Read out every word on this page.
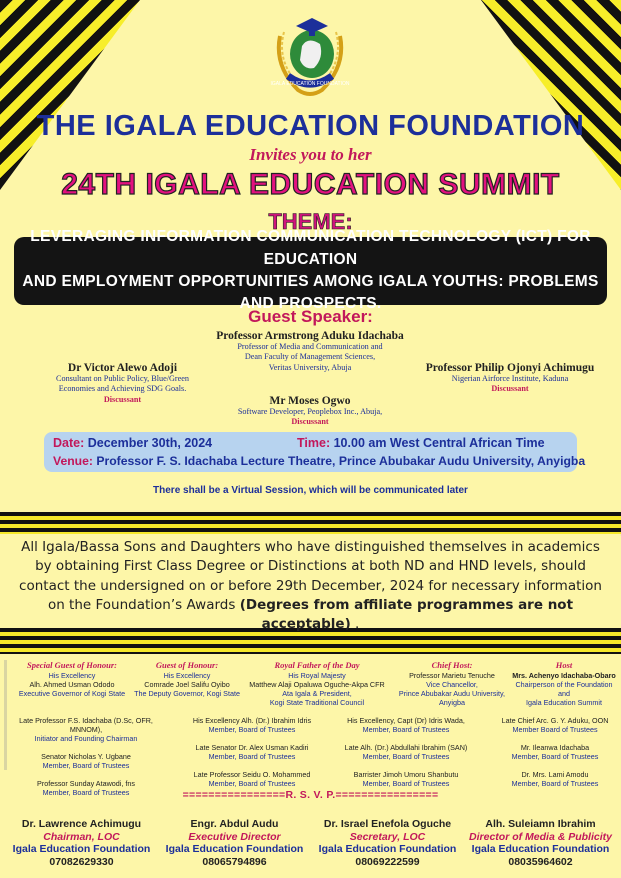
IGALA EDUCATION FOUNDATION
THE IGALA EDUCATION FOUNDATION
Invites you to her
24TH IGALA EDUCATION SUMMIT
THEME:
LEVERAGING INFORMATION COMMUNICATION TECHNOLOGY (ICT) FOR EDUCATION
AND EMPLOYMENT OPPORTUNITIES AMONG IGALA YOUTHS: PROBLEMS AND PROSPECTS.
Guest Speaker:
Professor Armstrong Aduku Idachaba
Professor of Media and Communication and
Dean Faculty of Management Sciences,
Veritas University, Abuja
Dr Victor Alewo Adoji
Consultant on Public Policy, Blue/Green
Economies and Achieving SDG Goals.
Discussant
Professor Philip Ojonyi Achimugu
Nigerian Airforce Institute, Kaduna
Discussant
Mr Moses Ogwo
Software Developer, Peoplebox Inc., Abuja,
Discussant
Date: December 30th, 2024	Time: 10.00 am West Central African Time
Venue: Professor F. S. Idachaba Lecture Theatre, Prince Abubakar Audu University, Anyigba
There shall be a Virtual Session, which will be communicated later
All Igala/Bassa Sons and Daughters who have distinguished themselves in academics by obtaining First Class Degree or Distinctions at both ND and HND levels, should contact the undersigned on or before 29th December, 2024 for necessary information on the Foundation’s Awards (Degrees from affiliate programmes are not acceptable) .
Special Guest of Honour:
His Excellency
Alh. Ahmed Usman Ododo
Executive Governor of Kogi State
Guest of Honour:
His Excellency
Comrade Joel Salifu Oyibo
The Deputy Governor, Kogi State
Royal Father of the Day
His Royal Majesty
Matthew Alaji Opaluwa Oguche-Akpa CFR
Ata Igala & President,
Kogi State Traditional Council
Chief Host:
Professor Marietu Tenuche
Vice Chancellor,
Prince Abubakar Audu University, Anyigba
Host
Mrs. Achenyo Idachaba-Obaro
Chairperson of the Foundation and
Igala Education Summit
Late Professor F.S. Idachaba (D.Sc, OFR, MNNOM),
Initiator and Founding Chairman
Senator Nicholas Y. Ugbane
Member, Board of Trustees
Professor Sunday Atawodi, fns
Member, Board of Trustees
His Excellency Alh. (Dr.) Ibrahim Idris
Member, Board of Trustees
Late Senator Dr. Alex Usman Kadiri
Member, Board of Trustees
Late Professor Seidu O. Mohammed
Member, Board of Trustees
His Excellency, Capt (Dr) Idris Wada,
Member, Board of Trustees
Late Alh. (Dr.) Abdullahi Ibrahim (SAN)
Member, Board of Trustees
Barrister Jimoh Umoru Shanbutu
Member, Board of Trustees
Late Chief Arc. G. Y. Aduku, OON
Member Board of Trustees
Mr. Ileanwa Idachaba
Member, Board of Trustees
Dr. Mrs. Lami Amodu
Member, Board of Trustees
================R. S. V. P.================
Dr. Lawrence Achimugu
Chairman, LOC
Igala Education Foundation
07082629330
Engr. Abdul Audu
Executive Director
Igala Education Foundation
08065794896
Dr. Israel Enefola Oguche
Secretary, LOC
Igala Education Foundation
08069222599
Alh. Suleiamn Ibrahim
Director of Media & Publicity
Igala Education Foundation
08035964602
